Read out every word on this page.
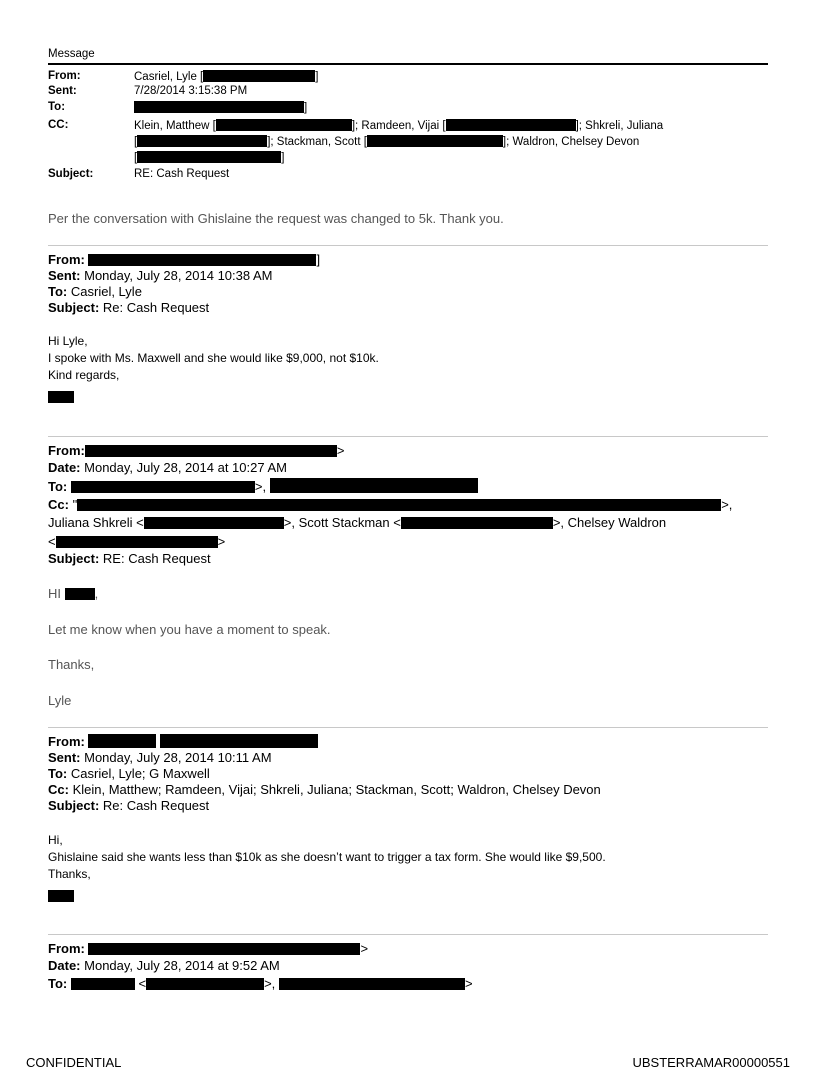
Message
From:	Casriel, Lyle [	]
Sent:	7/28/2014 3:15:38 PM
To:	]
CC:	Klein, Matthew [	]; Ramdeen, Vijai [	]; Shkreli, Juliana
[	]; Stackman, Scott [	]; Waldron, Chelsey Devon
[	]
Subject:	RE: Cash Request
Per the conversation with Ghislaine the request was changed to 5k. Thank you.
From:	]
Sent: Monday, July 28, 2014 10:38 AM
To: Casriel, Lyle
Subject: Re: Cash Request
Hi Lyle,
I spoke with Ms. Maxwell and she would like $9,000, not $10k.
Kind regards,
From:	>
Date: Monday, July 28, 2014 at 10:27 AM
To:	>,
Cc: "	>,
Juliana Shkreli <	>, Scott Stackman <	>, Chelsey Waldron
<	>
Subject: RE: Cash Request
HI	,
Let me know when you have a moment to speak.
Thanks,
Lyle
From:
Sent: Monday, July 28, 2014 10:11 AM
To: Casriel, Lyle; G Maxwell
Cc: Klein, Matthew; Ramdeen, Vijai; Shkreli, Juliana; Stackman, Scott; Waldron, Chelsey Devon
Subject: Re: Cash Request
Hi,
Ghislaine said she wants less than $10k as she doesn’t want to trigger a tax form. She would like $9,500.
Thanks,
From:	>
Date: Monday, July 28, 2014 at 9:52 AM
To:	<	>,	>
CONFIDENTIAL	UBSTERRAMAR00000551
